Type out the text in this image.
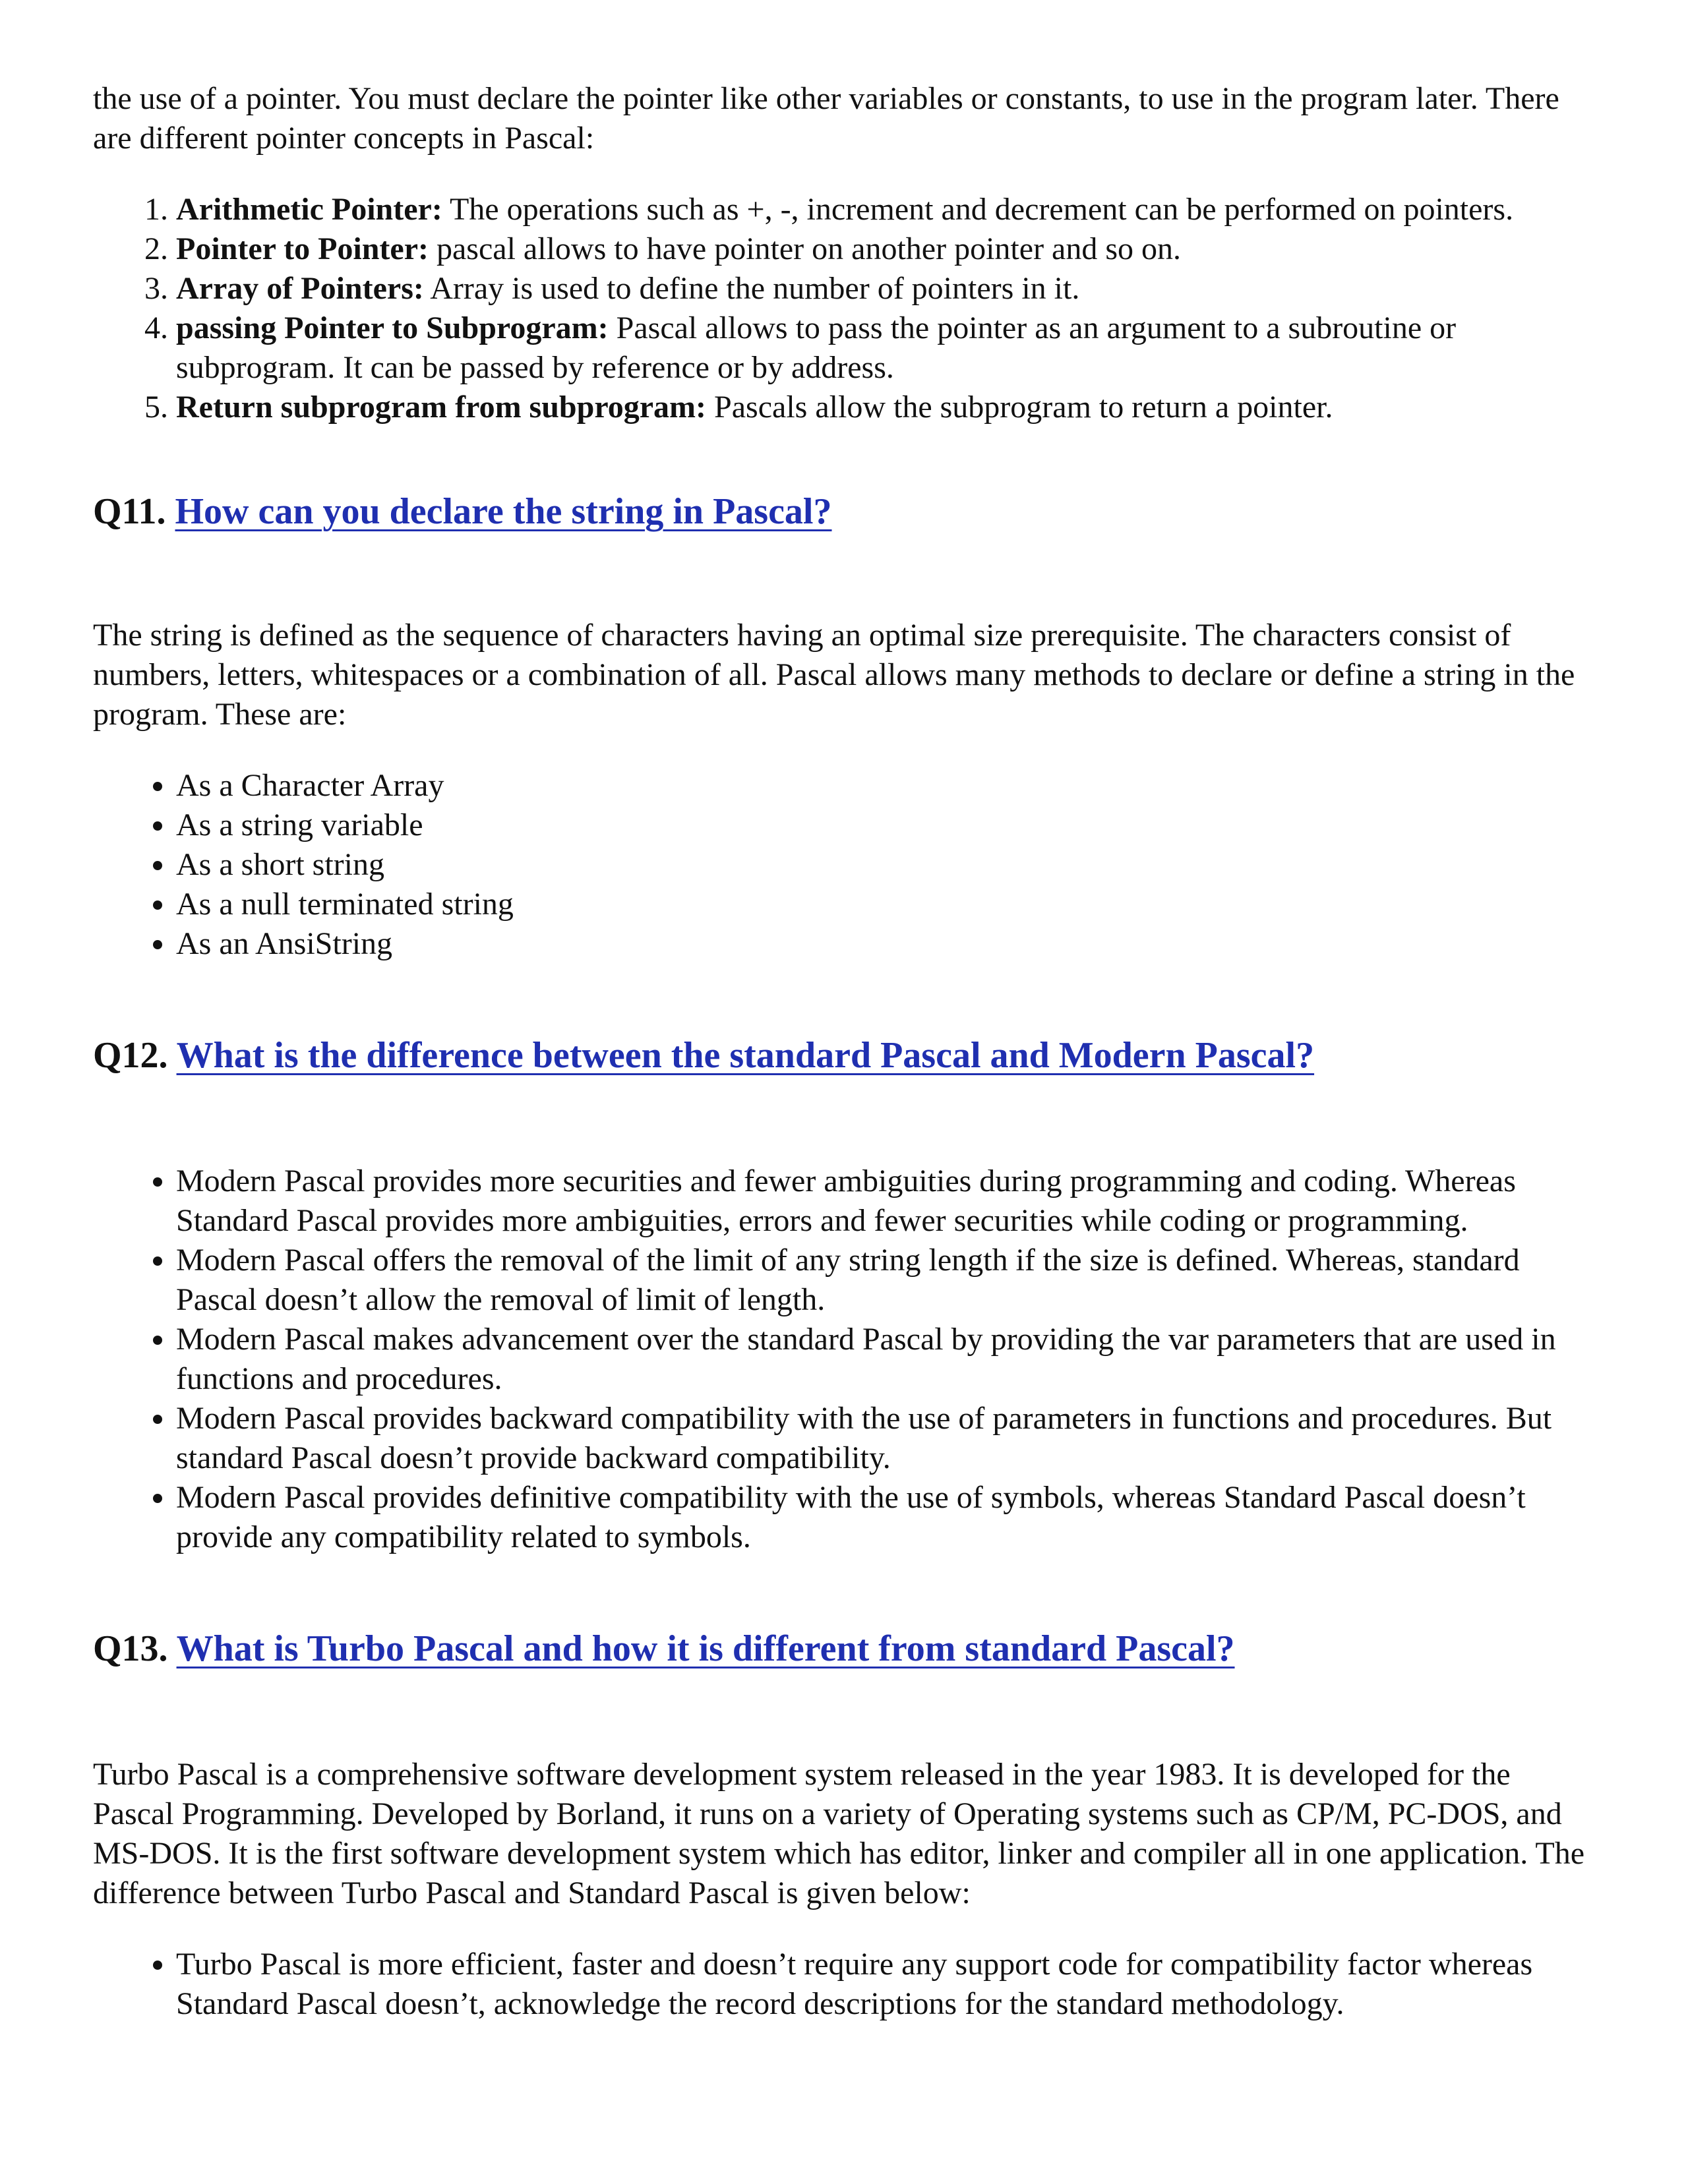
the use of a pointer. You must declare the pointer like other variables or constants, to use in the program later. There are different pointer concepts in Pascal:

1. Arithmetic Pointer: The operations such as +, -, increment and decrement can be performed on pointers.
2. Pointer to Pointer: pascal allows to have pointer on another pointer and so on.
3. Array of Pointers: Array is used to define the number of pointers in it.
4. passing Pointer to Subprogram: Pascal allows to pass the pointer as an argument to a subroutine or subprogram. It can be passed by reference or by address.
5. Return subprogram from subprogram: Pascals allow the subprogram to return a pointer.
Q11. How can you declare the string in Pascal?

The string is defined as the sequence of characters having an optimal size prerequisite. The characters consist of numbers, letters, whitespaces or a combination of all. Pascal allows many methods to declare or define a string in the program. These are:

• As a Character Array
• As a string variable
• As a short string
• As a null terminated string
• As an AnsiString
Q12. What is the difference between the standard Pascal and Modern Pascal?
• Modern Pascal provides more securities and fewer ambiguities during programming and coding. Whereas Standard Pascal provides more ambiguities, errors and fewer securities while coding or programming.
• Modern Pascal offers the removal of the limit of any string length if the size is defined. Whereas, standard Pascal doesn’t allow the removal of limit of length.
• Modern Pascal makes advancement over the standard Pascal by providing the var parameters that are used in functions and procedures.
• Modern Pascal provides backward compatibility with the use of parameters in functions and procedures. But standard Pascal doesn’t provide backward compatibility.
• Modern Pascal provides definitive compatibility with the use of symbols, whereas Standard Pascal doesn’t provide any compatibility related to symbols.
Q13. What is Turbo Pascal and how it is different from standard Pascal?

Turbo Pascal is a comprehensive software development system released in the year 1983. It is developed for the Pascal Programming. Developed by Borland, it runs on a variety of Operating systems such as CP/M, PC-DOS, and MS-DOS. It is the first software development system which has editor, linker and compiler all in one application. The difference between Turbo Pascal and Standard Pascal is given below:

• Turbo Pascal is more efficient, faster and doesn’t require any support code for compatibility factor whereas Standard Pascal doesn’t, acknowledge the record descriptions for the standard methodology.
